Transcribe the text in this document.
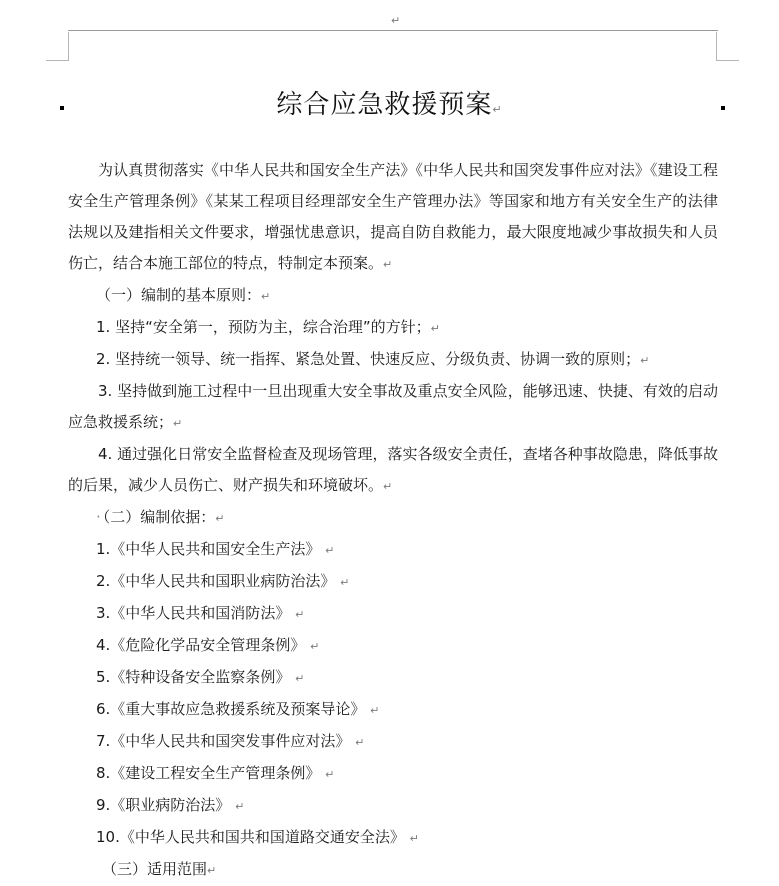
↵
综合应急救援预案↵

为认真贯彻落实《中华人民共和国安全生产法》《中华人民共和国突发事件应对法》《建设工程安全生产管理条例》《某某工程项目经理部安全生产管理办法》等国家和地方有关安全生产的法律法规以及建指相关文件要求，增强忧患意识，提高自防自救能力，最大限度地减少事故损失和人员伤亡，结合本施工部位的特点，特制定本预案。↵

（一）编制的基本原则：↵

1. 坚持“安全第一，预防为主，综合治理”的方针；↵

2. 坚持统一领导、统一指挥、紧急处置、快速反应、分级负责、协调一致的原则；↵

3. 坚持做到施工过程中一旦出现重大安全事故及重点安全风险，能够迅速、快捷、有效的启动应急救援系统；↵

4. 通过强化日常安全监督检查及现场管理，落实各级安全责任，查堵各种事故隐患，降低事故的后果，减少人员伤亡、财产损失和环境破坏。↵

· （二）编制依据：↵

1.《中华人民共和国安全生产法》 ↵

2.《中华人民共和国职业病防治法》 ↵

3.《中华人民共和国消防法》 ↵

4.《危险化学品安全管理条例》 ↵

5.《特种设备安全监察条例》 ↵

6.《重大事故应急救援系统及预案导论》 ↵

7.《中华人民共和国突发事件应对法》 ↵

8.《建设工程安全生产管理条例》 ↵

9.《职业病防治法》 ↵

10.《中华人民共和国共和国道路交通安全法》 ↵

（三）适用范围↵
